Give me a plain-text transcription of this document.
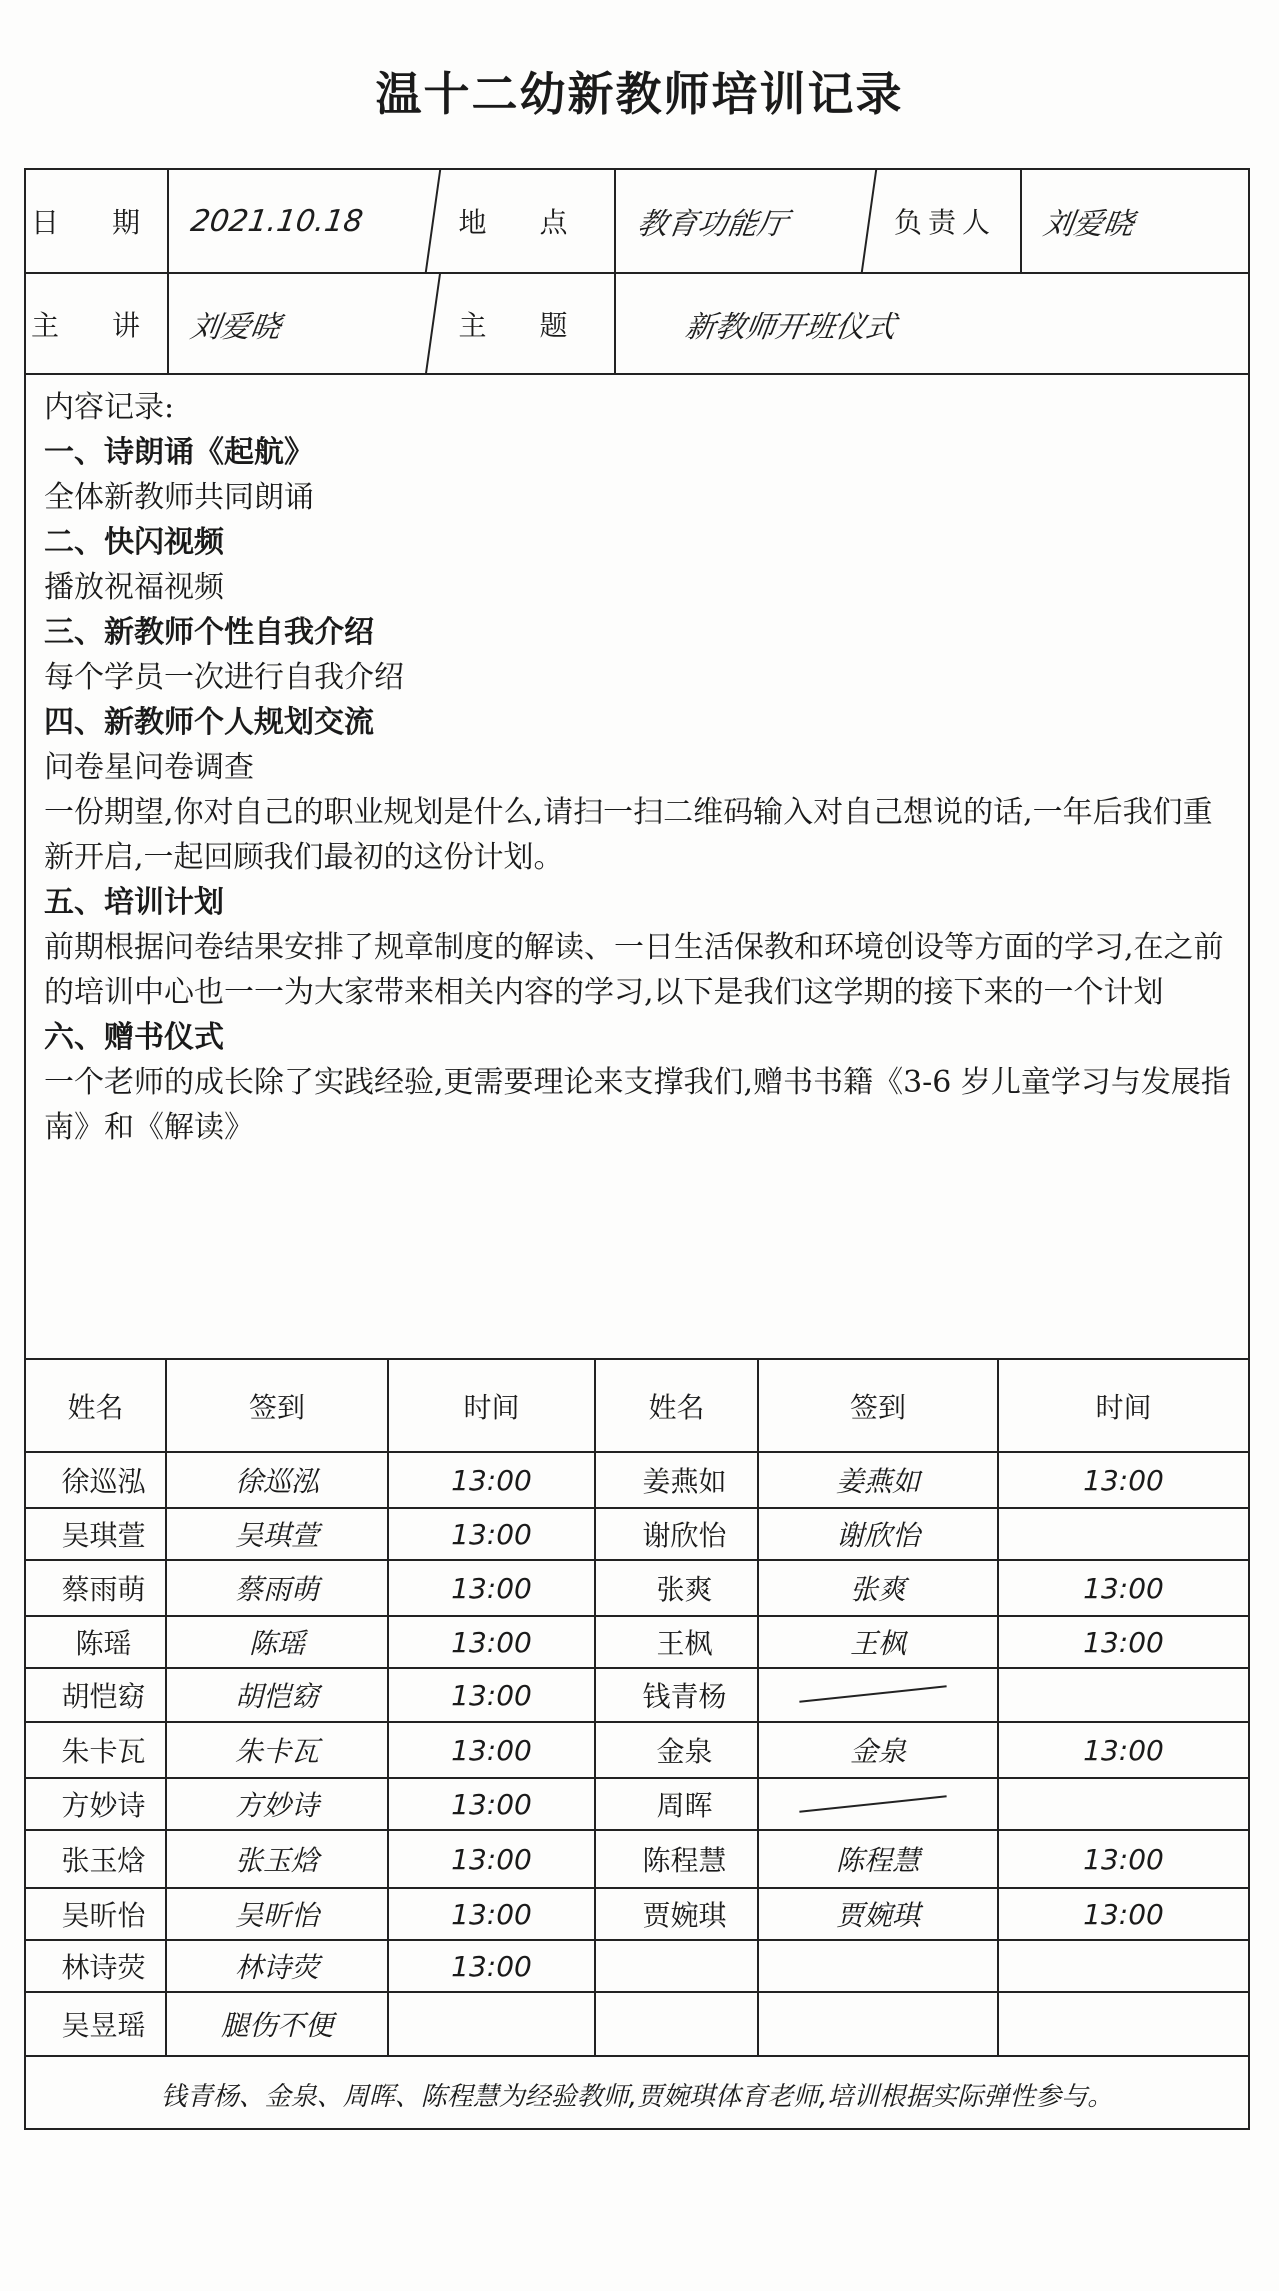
温十二幼新教师培训记录
日 期 2021.10.18	地 点	教育功能厅	负责人	刘爱晓
主 讲 刘爱晓	主 题	新教师开班仪式
内容记录:
一、诗朗诵《起航》
全体新教师共同朗诵
二、快闪视频
播放祝福视频
三、新教师个性自我介绍
每个学员一次进行自我介绍
四、新教师个人规划交流
问卷星问卷调查
一份期望,你对自己的职业规划是什么,请扫一扫二维码输入对自己想说的话,一年后我们重新开启,一起回顾我们最初的这份计划。
五、培训计划
前期根据问卷结果安排了规章制度的解读、一日生活保教和环境创设等方面的学习,在之前的培训中心也一一为大家带来相关内容的学习,以下是我们这学期的接下来的一个计划
六、赠书仪式
一个老师的成长除了实践经验,更需要理论来支撑我们,赠书书籍《3-6 岁儿童学习与发展指南》和《解读》
姓名	签到	时间	姓名	签到	时间
徐巡泓	徐巡泓	13:00	姜燕如	姜燕如	13:00
吴琪萱	吴琪萱	13:00	谢欣怡	谢欣怡	
蔡雨萌	蔡雨萌	13:00	张爽	张爽	13:00
陈瑶	陈瑶	13:00	王枫	王枫	13:00
胡恺窈	胡恺窈	13:00	钱青杨	

朱卡瓦	朱卡瓦	13:00	金泉	金泉	13:00
方妙诗	方妙诗	13:00	周晖	

张玉焓	张玉焓	13:00	陈程慧	陈程慧	13:00
吴昕怡	吴昕怡	13:00	贾婉琪	贾婉琪	13:00
林诗荧	林诗荧	13:00			
吴昱瑶	腿伤不便				
钱青杨、金泉、周晖、陈程慧为经验教师,贾婉琪体育老师,培训根据实际弹性参与。
